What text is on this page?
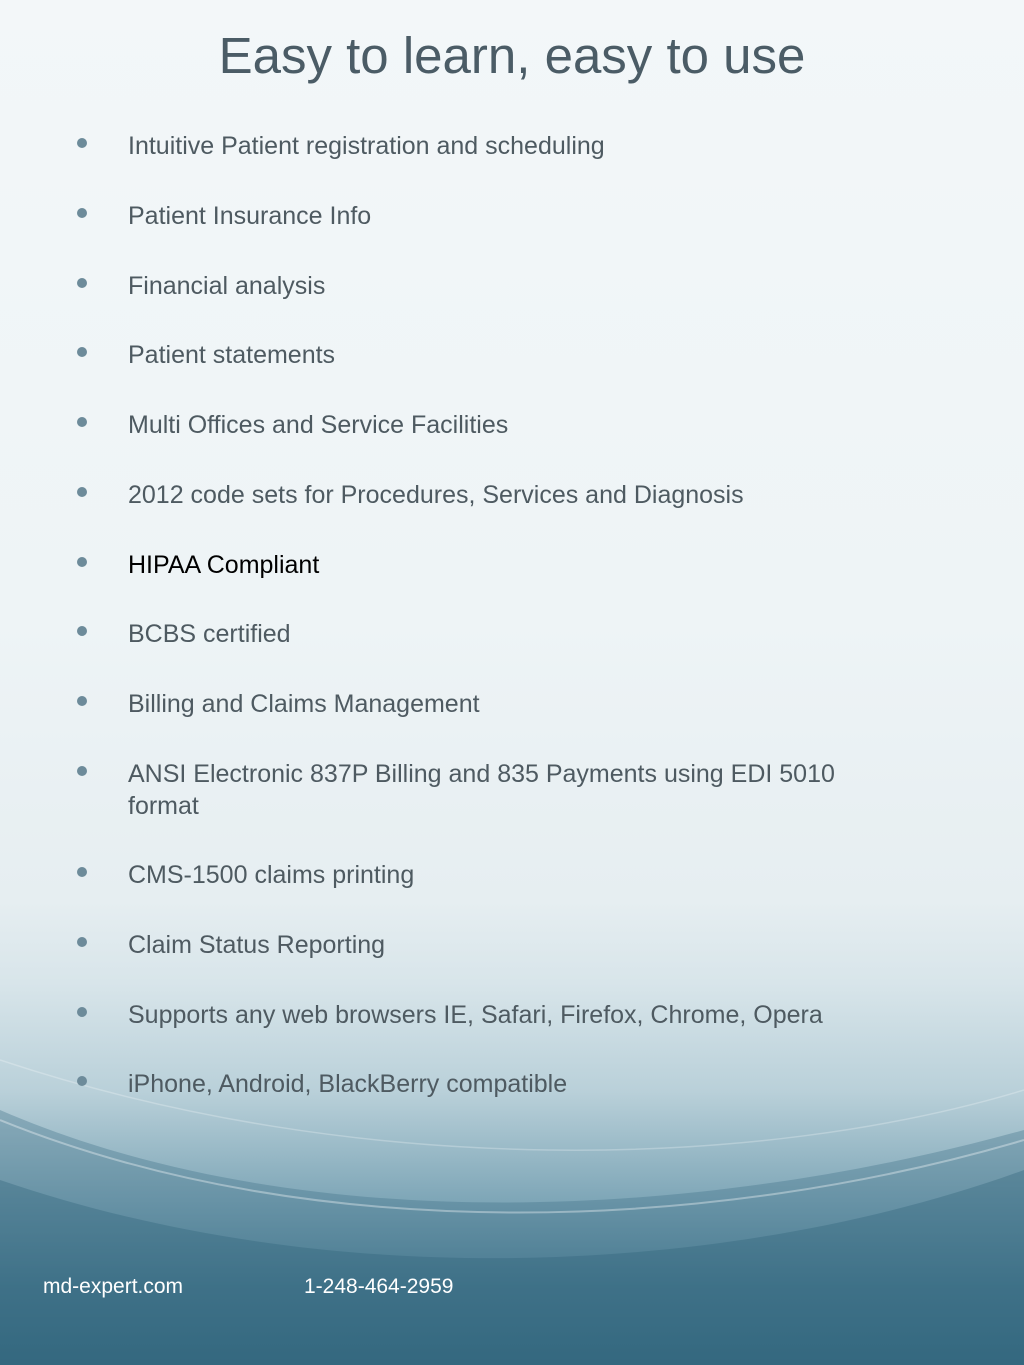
Easy to learn, easy to use
Intuitive Patient registration and scheduling
Patient Insurance Info
Financial analysis
Patient statements
Multi Offices and Service Facilities
2012 code sets for Procedures, Services and Diagnosis
HIPAA Compliant
BCBS certified
Billing and Claims Management
ANSI Electronic 837P Billing and 835 Payments using EDI 5010 format
CMS-1500 claims printing
Claim Status Reporting
Supports any web browsers IE, Safari, Firefox, Chrome, Opera
iPhone, Android, BlackBerry compatible
md-expert.com	1-248-464-2959
